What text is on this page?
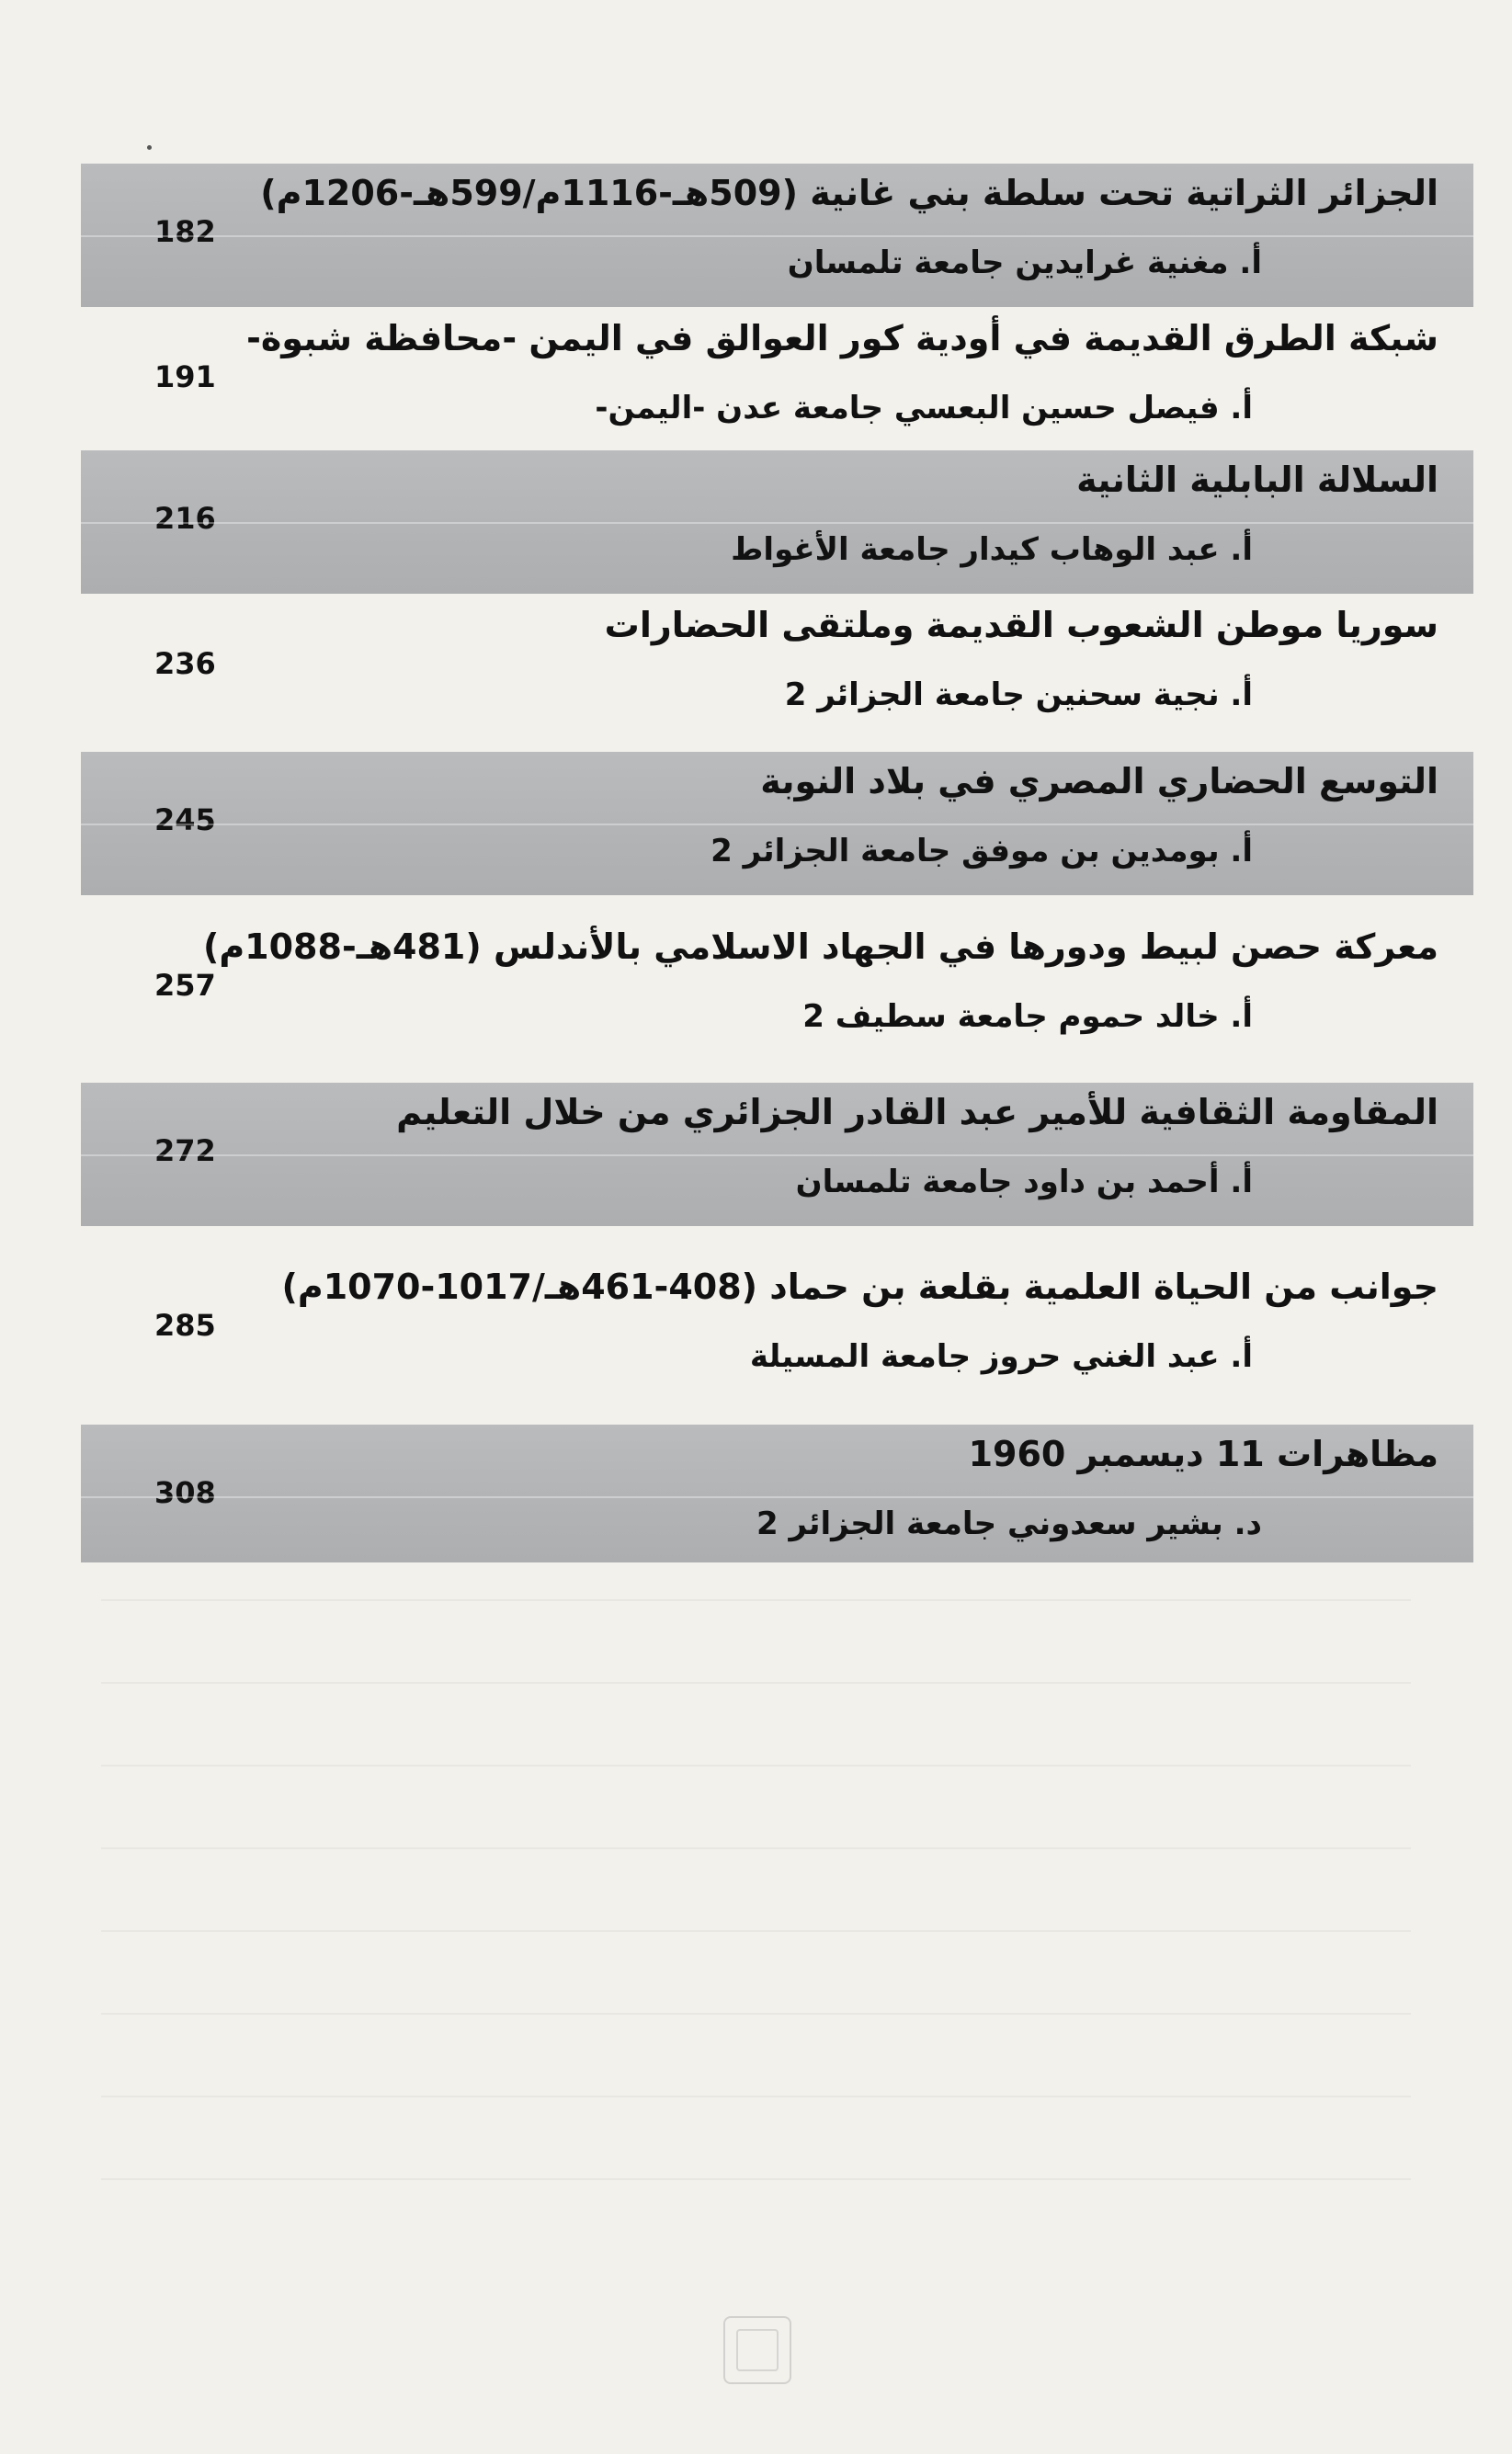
الجزائر الثراتية تحت سلطة بني غانية (509هـ-1116م/599هـ-1206م)
أ. مغنية غرايدين جامعة تلمسان
182
شبكة الطرق القديمة في أودية كور العوالق في اليمن -محافظة شبوة-
أ. فيصل حسين البعسي جامعة عدن -اليمن-
191
السلالة البابلية الثانية
أ. عبد الوهاب كيدار جامعة الأغواط
216
سوريا موطن الشعوب القديمة وملتقى الحضارات
أ. نجية سحنين جامعة الجزائر 2
236
التوسع الحضاري المصري في بلاد النوبة
أ. بومدين بن موفق جامعة الجزائر 2
245
معركة حصن لبيط ودورها في الجهاد الاسلامي بالأندلس (481هـ-1088م)
أ. خالد حموم جامعة سطيف 2
257
المقاومة الثقافية للأمير عبد القادر الجزائري من خلال التعليم
أ. أحمد بن داود جامعة تلمسان
272
جوانب من الحياة العلمية بقلعة بن حماد (408-461هـ/1017-1070م)
أ. عبد الغني حروز جامعة المسيلة
285
مظاهرات 11 ديسمبر 1960
د. بشير سعدوني جامعة الجزائر 2
308
